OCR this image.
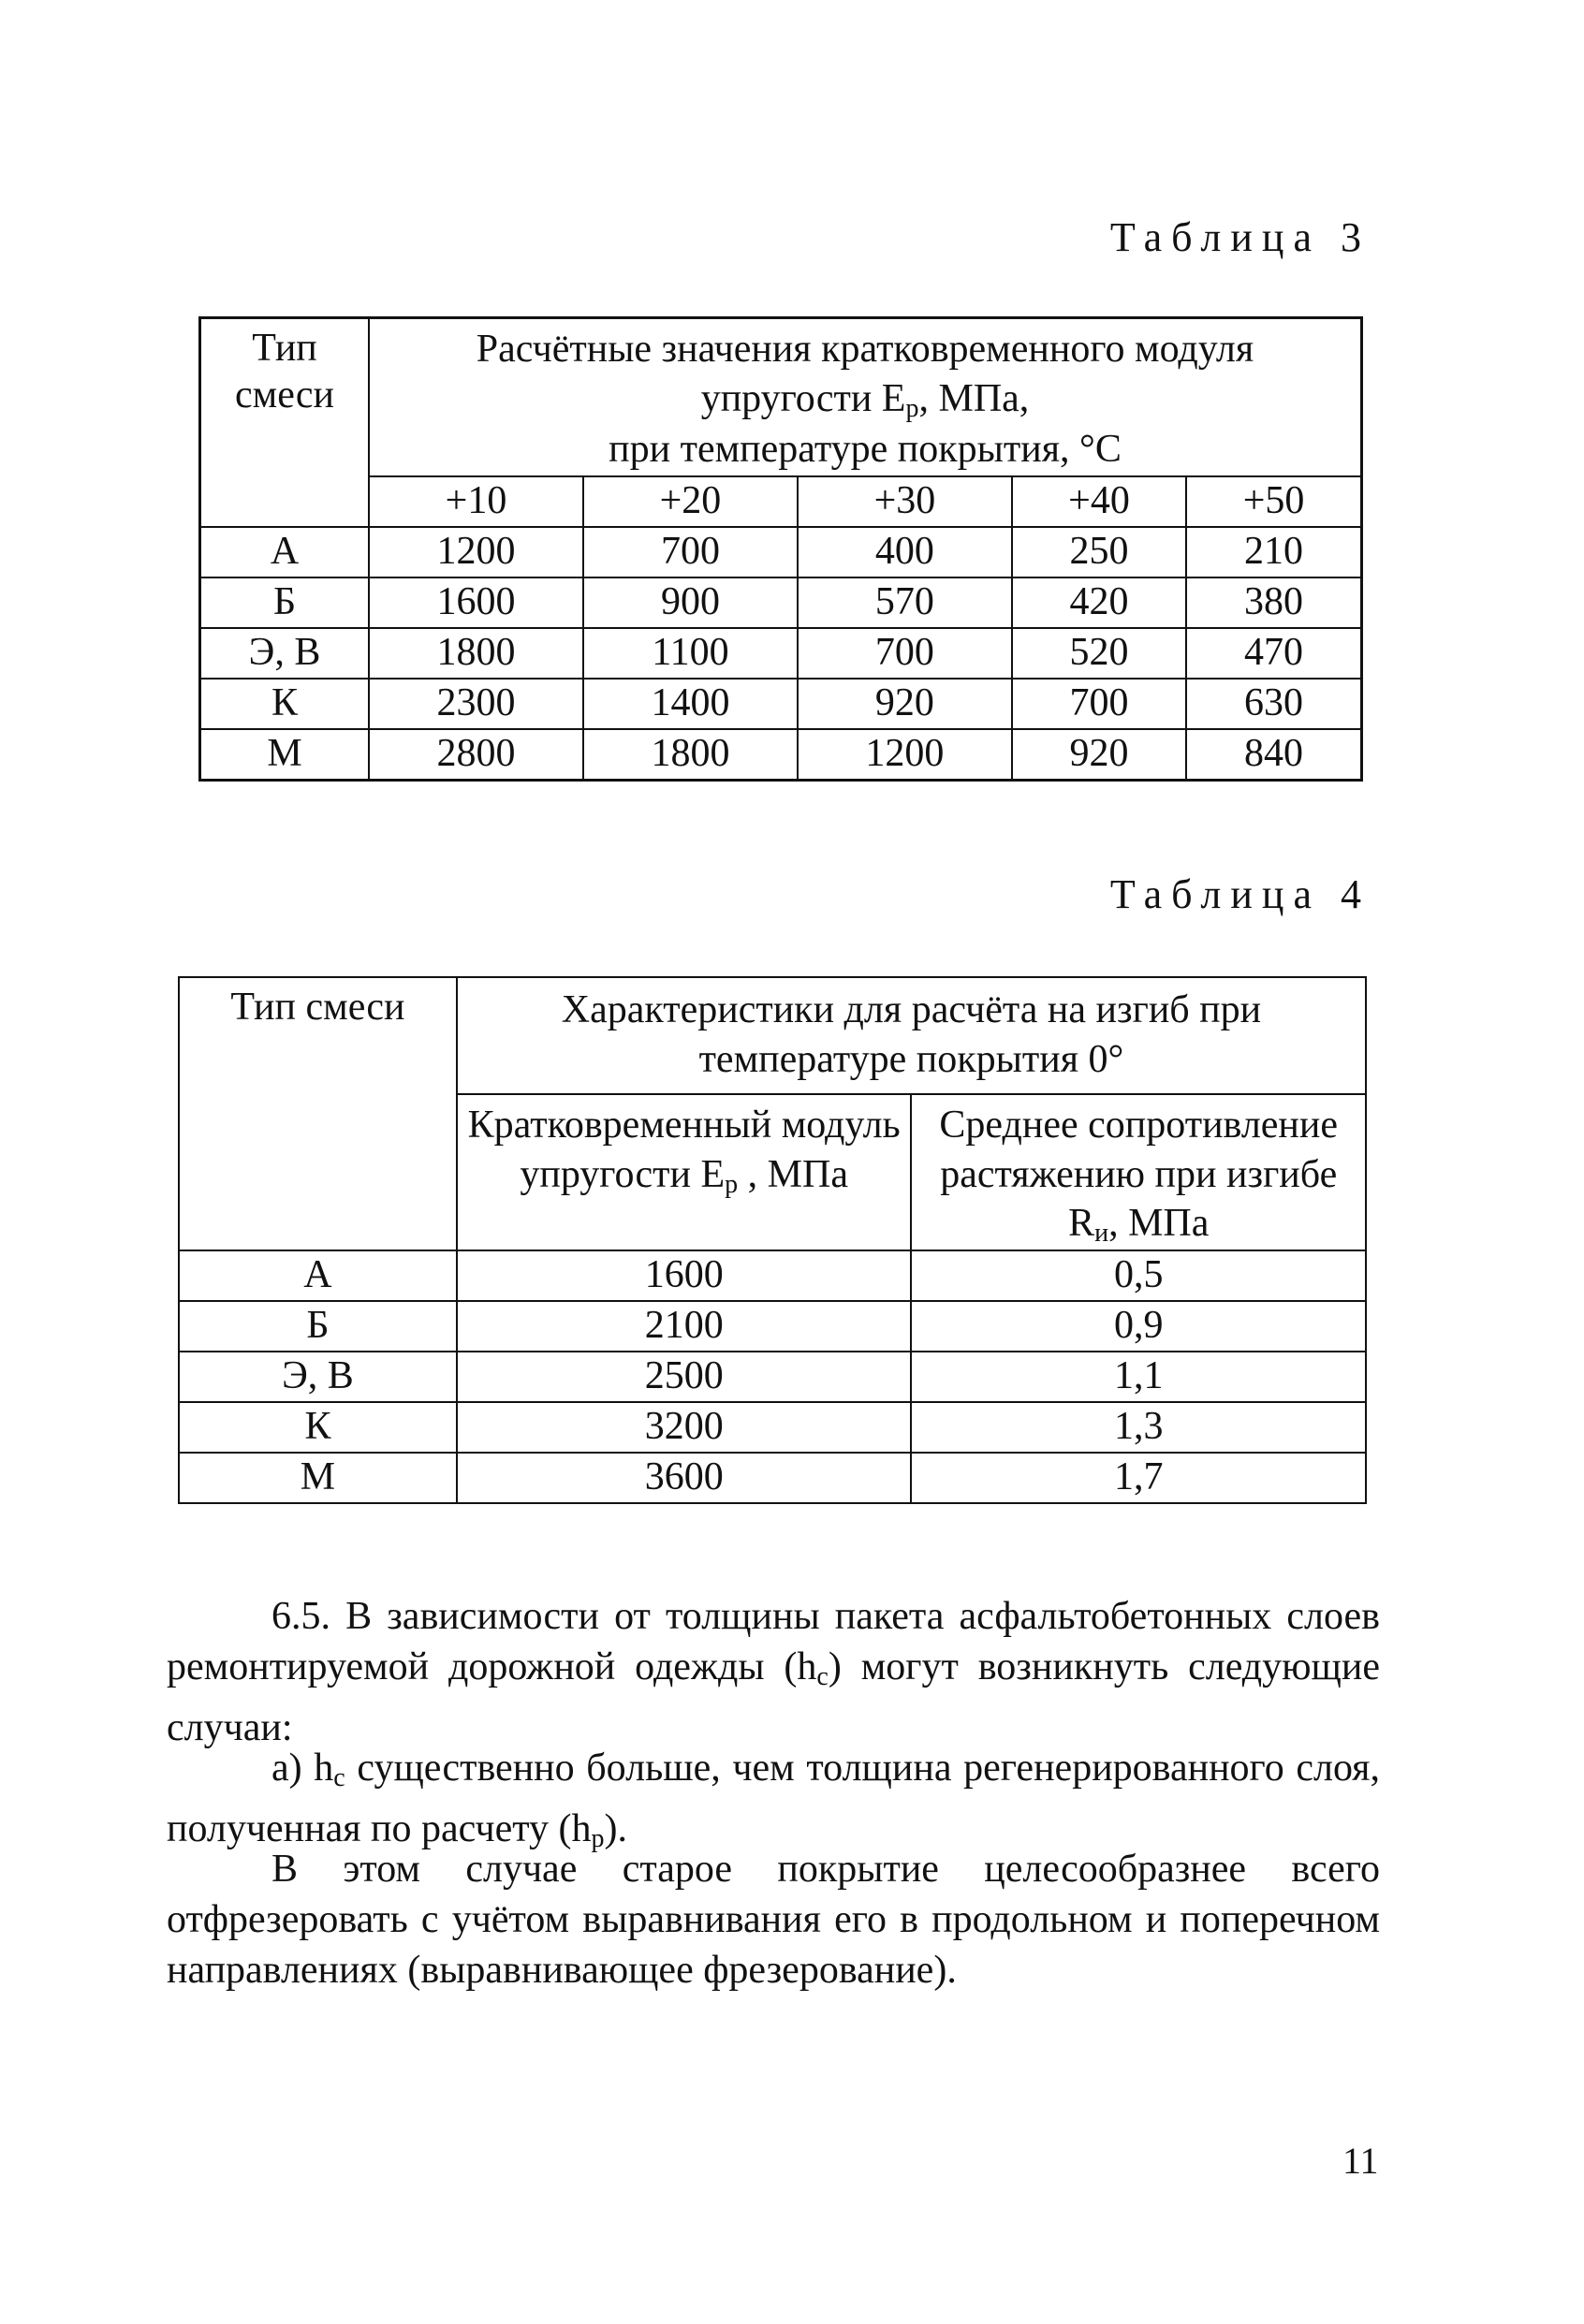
Таблица 3
Тип смеси	Расчётные значения кратковременного модуля
упругости $E_р$, МПа,
при температуре покрытия, °С				

	+10	+20	+30	+40	+50
А	1200	700	400	250	210
Б	1600	900	570	420	380
Э, В	1800	1100	700	520	470
К	2300	1400	920	700	630
М	2800	1800	1200	920	840
Таблица 4
Тип смеси	Характеристики для расчёта на изгиб при температуре покрытия 0°	
	Кратковременный модуль упругости $E_р$ , МПа	Среднее сопротивление растяжению при изгибе $R_и$, МПа
А	1600	0,5
Б	2100	0,9
Э, В	2500	1,1
К	3200	1,3
М	3600	1,7
6.5. В зависимости от толщины пакета асфальтобетонных слоев ремонтируемой дорожной одежды $(h_с)$ могут возникнуть следующие случаи:
а) $h_с$ существенно больше, чем толщина регенерированного слоя, полученная по расчету $(h_р)$.
В этом случае старое покрытие целесообразнее всего отфрезеровать с учётом выравнивания его в продольном и поперечном направлениях (выравнивающее фрезерование).
11
